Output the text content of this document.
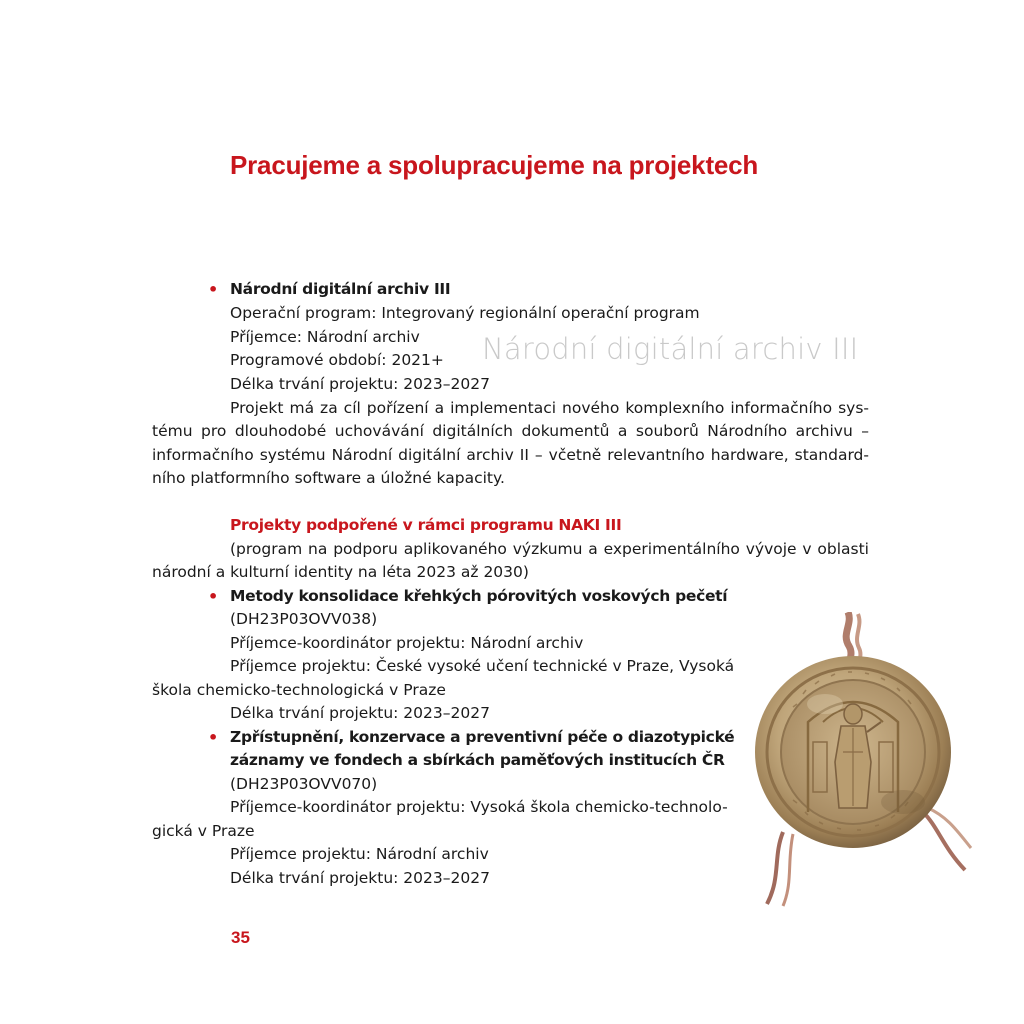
Pracujeme a spolupracujeme na projektech
Národní digitální archiv III
• Národní digitální archiv III
Operační program: Integrovaný regionální operační program
Příjemce: Národní archiv
Programové období: 2021+
Délka trvání projektu: 2023–2027
Projekt má za cíl pořízení a implementaci nového komplexního informačního sys-
tému pro dlouhodobé uchovávání digitálních dokumentů a souborů Národního archivu –
informačního systému Národní digitální archiv II – včetně relevantního hardware, standard-
ního platformního software a úložné kapacity.
Projekty podpořené v rámci programu NAKI III
(program na podporu aplikovaného výzkumu a experimentálního vývoje v oblasti
národní a kulturní identity na léta 2023 až 2030)
• Metody konsolidace křehkých pórovitých voskových pečetí
(DH23P03OVV038)
Příjemce-koordinátor projektu: Národní archiv
Příjemce projektu: České vysoké učení technické v Praze, Vysoká
škola chemicko-technologická v Praze
Délka trvání projektu: 2023–2027
• Zpřístupnění, konzervace a preventivní péče o diazotypické
záznamy ve fondech a sbírkách paměťových institucích ČR
(DH23P03OVV070)
Příjemce-koordinátor projektu: Vysoká škola chemicko-technolo-
gická v Praze
Příjemce projektu: Národní archiv
Délka trvání projektu: 2023–2027
35
